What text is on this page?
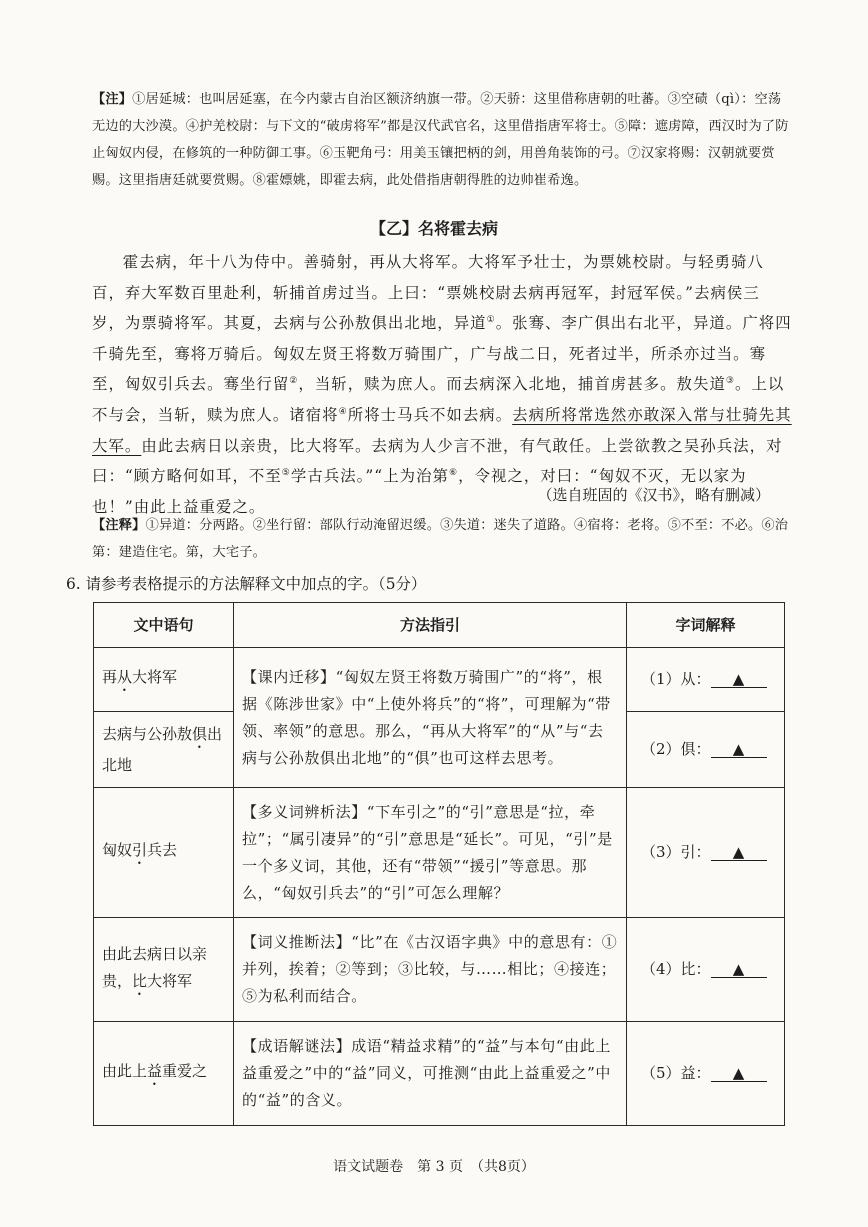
【注】①居延城：也叫居延塞，在今内蒙古自治区额济纳旗一带。②天骄：这里借称唐朝的吐蕃。③空碛（qì）：空荡无边的大沙漠。④护羌校尉：与下文的“破虏将军”都是汉代武官名，这里借指唐军将士。⑤障：遮虏障，西汉时为了防止匈奴内侵，在修筑的一种防御工事。⑥玉靶角弓：用美玉镶把柄的剑，用兽角装饰的弓。⑦汉家将赐：汉朝就要赏赐。这里指唐廷就要赏赐。⑧霍嫖姚，即霍去病，此处借指唐朝得胜的边帅崔希逸。
【乙】名将霍去病
霍去病，年十八为侍中。善骑射，再从大将军。大将军予壮士，为票姚校尉。与轻勇骑八百，弃大军数百里赴利，斩捕首虏过当。上曰：“票姚校尉去病再冠军，封冠军侯。”去病侯三岁，为票骑将军。其夏，去病与公孙敖俱出北地，异道①。张骞、李广俱出右北平，异道。广将四千骑先至，骞将万骑后。匈奴左贤王将数万骑围广，广与战二日，死者过半，所杀亦过当。骞至，匈奴引兵去。骞坐行留②，当斩，赎为庶人。而去病深入北地，捕首虏甚多。敖失道③。上以不与会，当斩，赎为庶人。诸宿将④所将士马兵不如去病。去病所将常选然亦敢深入常与壮骑先其大军。由此去病日以亲贵，比大将军。去病为人少言不泄，有气敢任。上尝欲教之吴孙兵法，对曰：“顾方略何如耳，不至⑤学古兵法。”“上为治第⑥，令视之，对曰：“匈奴不灭，无以家为也！”由此上益重爱之。
（选自班固的《汉书》，略有删减）
【注释】①异道：分两路。②坐行留：部队行动淹留迟缓。③失道：迷失了道路。④宿将：老将。⑤不至：不必。⑥治第：建造住宅。第，大宅子。
6. 请参考表格提示的方法解释文中加点的字。（5分）
文中语句	方法指引	字词解释
再从大将军	【课内迁移】“匈奴左贤王将数万骑围广”的“将”，根据《陈涉世家》中“上使外将兵”的“将”，可理解为“带领、率领”的意思。那么，“再从大将军”的“从”与“去病与公孙敖俱出北地”的“俱”也可这样去思考。	（1）从： ▲
去病与公孙敖俱出北地		（2）俱： ▲
匈奴引兵去	【多义词辨析法】“下车引之”的“引”意思是“拉，牵拉”；“属引凄异”的“引”意思是“延长”。可见，“引”是一个多义词，其他，还有“带领”“援引”等意思。那么，“匈奴引兵去”的“引”可怎么理解？	（3）引： ▲
由此去病日以亲贵，比大将军	【词义推断法】“比”在《古汉语字典》中的意思有：①并列，挨着；②等到；③比较，与……相比；④接连；⑤为私利而结合。	（4）比： ▲
由此上益重爱之	【成语解谜法】成语“精益求精”的“益”与本句“由此上益重爱之”中的“益”同义，可推测“由此上益重爱之”中的“益”的含义。	（5）益： ▲
语文试题卷　第 3 页　（共8页）
